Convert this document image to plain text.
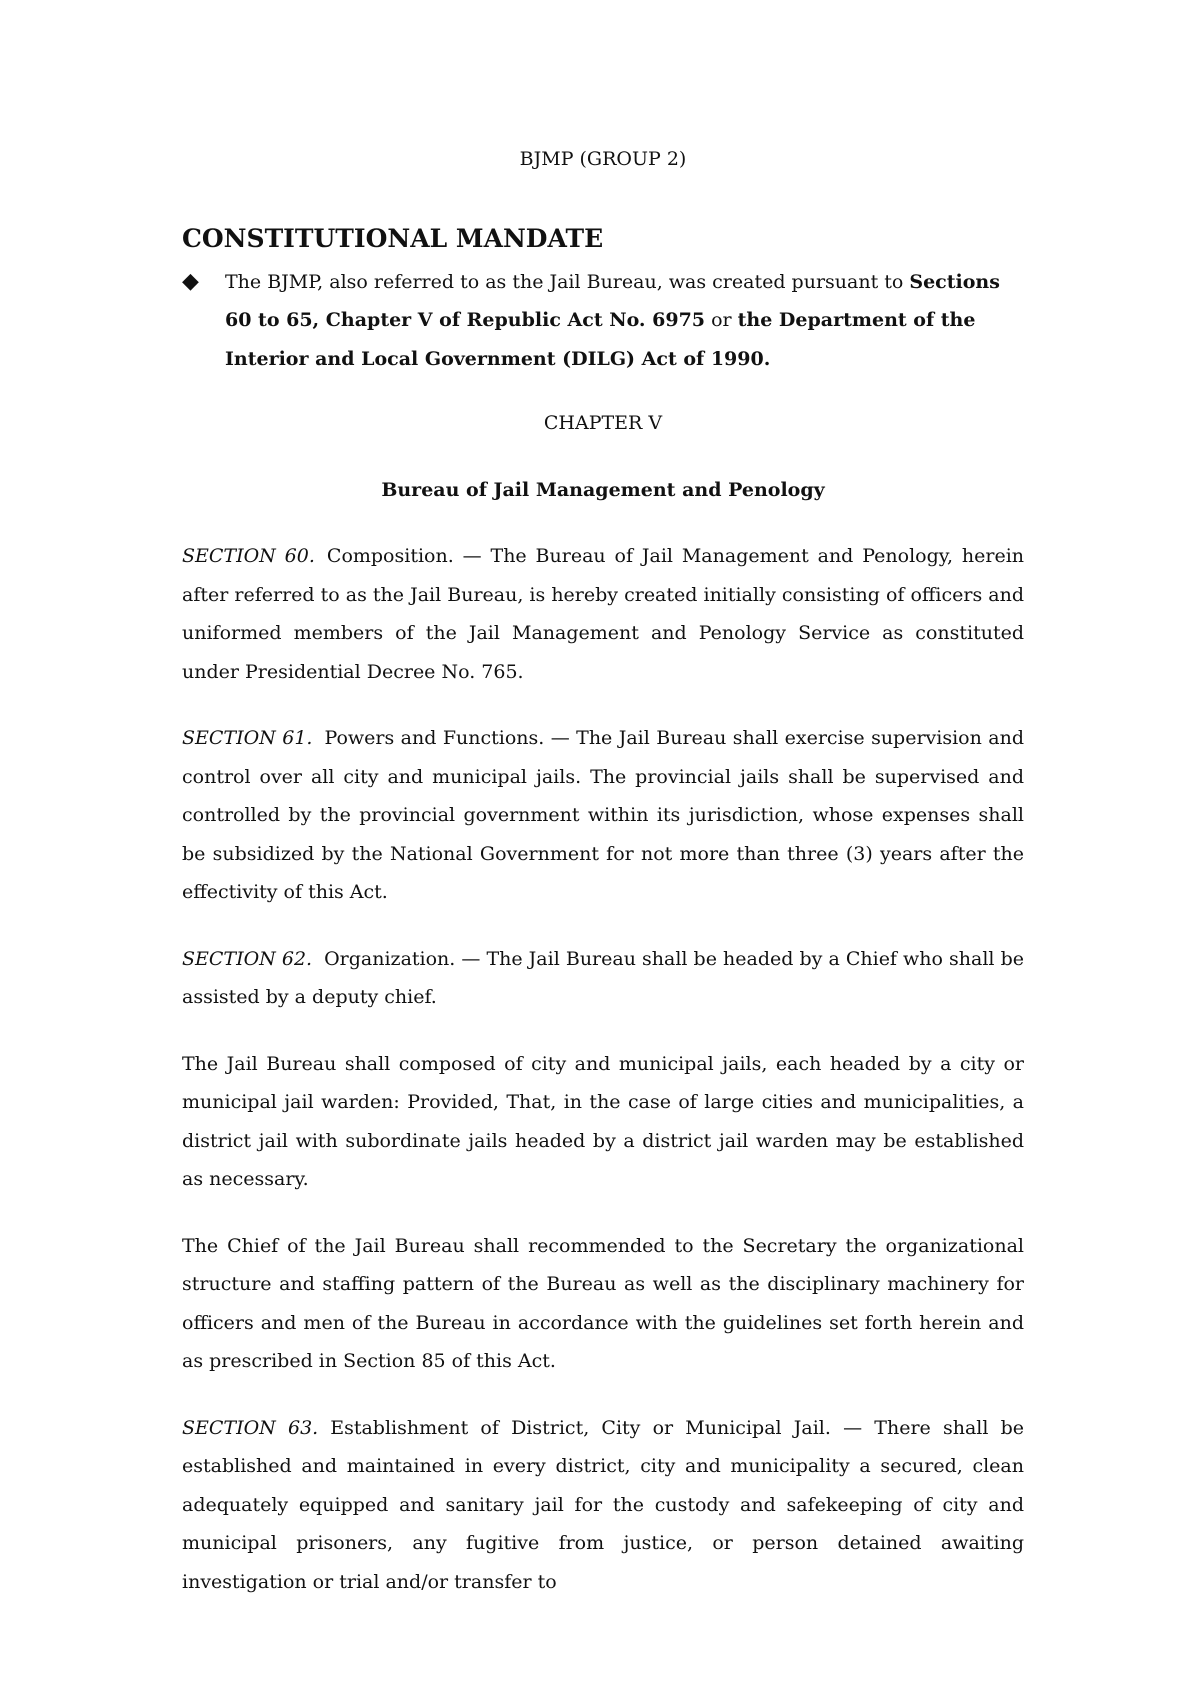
BJMP (GROUP 2)
CONSTITUTIONAL MANDATE
◆	The BJMP, also referred to as the Jail Bureau, was created pursuant to Sections 60 to 65, Chapter V of Republic Act No. 6975 or the Department of the Interior and Local Government (DILG) Act of 1990.
CHAPTER V
Bureau of Jail Management and Penology

SECTION 60. Composition. — The Bureau of Jail Management and Penology, herein after referred to as the Jail Bureau, is hereby created initially consisting of officers and uniformed members of the Jail Management and Penology Service as constituted under Presidential Decree No. 765.

SECTION 61. Powers and Functions. — The Jail Bureau shall exercise supervision and control over all city and municipal jails. The provincial jails shall be supervised and controlled by the provincial government within its jurisdiction, whose expenses shall be subsidized by the National Government for not more than three (3) years after the effectivity of this Act.

SECTION 62. Organization. — The Jail Bureau shall be headed by a Chief who shall be assisted by a deputy chief.

The Jail Bureau shall composed of city and municipal jails, each headed by a city or municipal jail warden: Provided, That, in the case of large cities and municipalities, a district jail with subordinate jails headed by a district jail warden may be established as necessary.

The Chief of the Jail Bureau shall recommended to the Secretary the organizational structure and staffing pattern of the Bureau as well as the disciplinary machinery for officers and men of the Bureau in accordance with the guidelines set forth herein and as prescribed in Section 85 of this Act.

SECTION 63. Establishment of District, City or Municipal Jail. — There shall be established and maintained in every district, city and municipality a secured, clean adequately equipped and sanitary jail for the custody and safekeeping of city and municipal prisoners, any fugitive from justice, or person detained awaiting investigation or trial and/or transfer to
